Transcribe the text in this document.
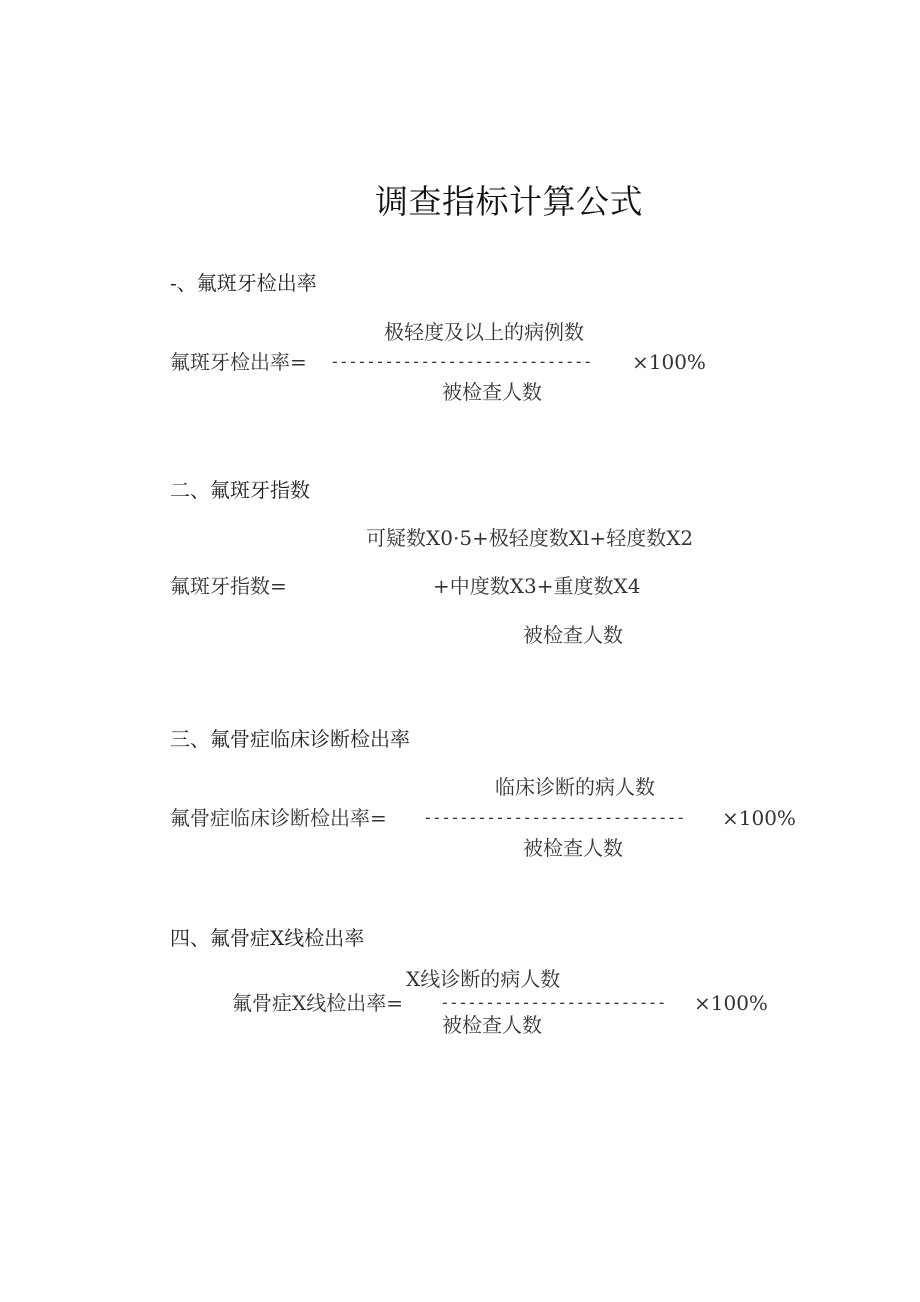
调查指标计算公式
-、氟斑牙检出率
极轻度及以上的病例数
氟斑牙检出率= ----------------------------- ×100%
被检查人数
二、氟斑牙指数
可疑数X0·5+极轻度数Xl+轻度数X2
氟斑牙指数=	+中度数X3+重度数X4
被检查人数
三、氟骨症临床诊断检出率
临床诊断的病人数
氟骨症临床诊断检出率= ----------------------------- ×100%
被检查人数
四、氟骨症X线检出率
X线诊断的病人数
氟骨症X线检出率= ------------------------- ×100%
被检查人数
